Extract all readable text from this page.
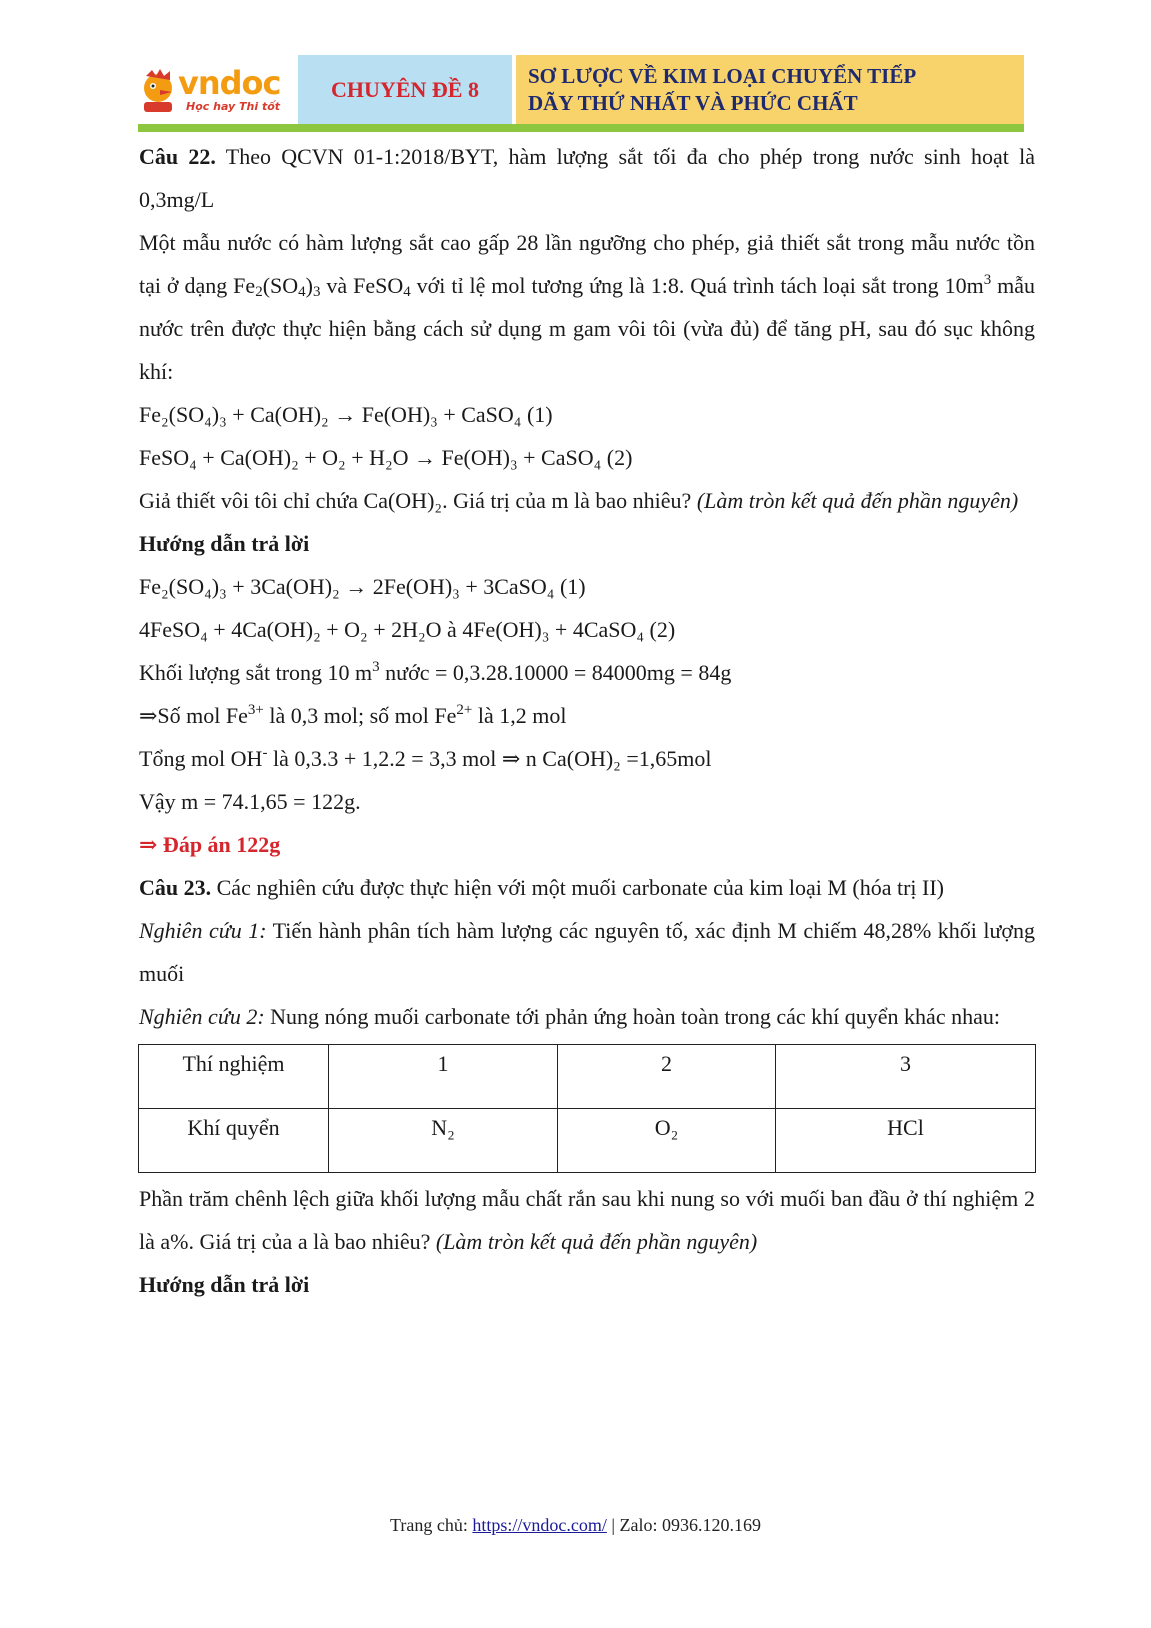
vndoc
Học hay Thi tốt
CHUYÊN ĐỀ 8
SƠ LƯỢC VỀ KIM LOẠI CHUYỂN TIẾP
DÃY THỨ NHẤT VÀ PHỨC CHẤT

Câu 22. Theo QCVN 01-1:2018/BYT, hàm lượng sắt tối đa cho phép trong nước sinh hoạt là 0,3mg/L

Một mẫu nước có hàm lượng sắt cao gấp 28 lần ngưỡng cho phép, giả thiết sắt trong mẫu nước tồn tại ở dạng $Fe_2(SO_4)_3$ và FeSO$_4$ với tỉ lệ mol tương ứng là 1:8. Quá trình tách loại sắt trong $10m^3$ mẫu nước trên được thực hiện bằng cách sử dụng m gam vôi tôi (vừa đủ) để tăng pH, sau đó sục không khí:

Fe₂(SO₄)₃ + Ca(OH)₂ → Fe(OH)₃ + CaSO₄ (1)

FeSO₄ + Ca(OH)₂ + O₂ + H₂O → Fe(OH)₃ + CaSO₄ (2)

Giả thiết vôi tôi chỉ chứa Ca(OH)₂. Giá trị của m là bao nhiêu? (Làm tròn kết quả đến phần nguyên)

Hướng dẫn trả lời

Fe₂(SO₄)₃ + 3Ca(OH)₂ → 2Fe(OH)₃ + 3CaSO₄ (1)

4FeSO₄ + 4Ca(OH)₂ + O₂ + 2H₂O à 4Fe(OH)₃ + 4CaSO₄ (2)

Khối lượng sắt trong 10 $m^3$ nước = 0,3.28.10000 = 84000mg = 84g

⇒Số mol $Fe^{3+}$ là 0,3 mol; số mol $Fe^{2+}$ là 1,2 mol

Tổng mol OH- là 0,3.3 + 1,2.2 = 3,3 mol ⇒ n Ca(OH)₂ =1,65mol

Vậy m = 74.1,65 = 122g.

⇒ Đáp án 122g

Câu 23. Các nghiên cứu được thực hiện với một muối carbonate của kim loại M (hóa trị II)

Nghiên cứu 1: Tiến hành phân tích hàm lượng các nguyên tố, xác định M chiếm 48,28% khối lượng muối

Nghiên cứu 2: Nung nóng muối carbonate tới phản ứng hoàn toàn trong các khí quyển khác nhau:

Thí nghiệm	1	2	3
Khí quyển	N₂	O₂	HCl

Phần trăm chênh lệch giữa khối lượng mẫu chất rắn sau khi nung so với muối ban đầu ở thí nghiệm 2 là a%. Giá trị của a là bao nhiêu? (Làm tròn kết quả đến phần nguyên)

Hướng dẫn trả lời

Trang chủ: https://vndoc.com/ | Zalo: 0936.120.169
